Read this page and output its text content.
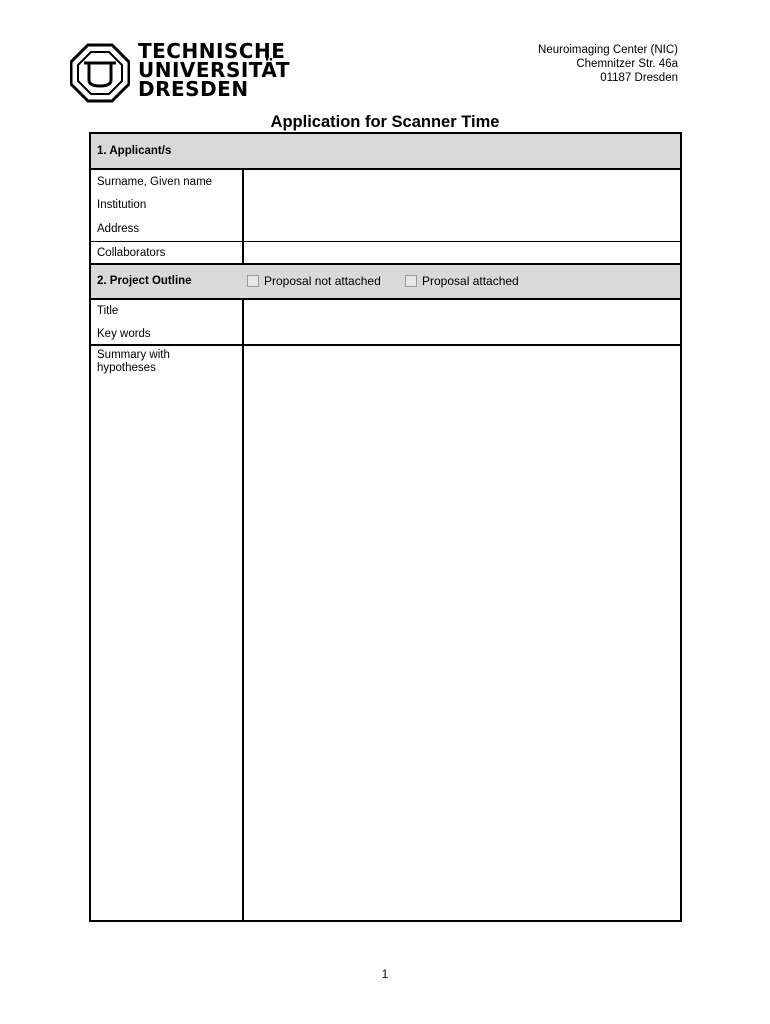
TECHNISCHE
UNIVERSITÄT
DRESDEN
Neuroimaging Center (NIC)
Chemnitzer Str. 46a
01187 Dresden
Application for Scanner Time
1. Applicant/s
Surname, Given name
Institution
Address
Collaborators
2. Project Outline	Proposal not attached	Proposal attached
Title
Key words
Summary with
hypotheses
1
